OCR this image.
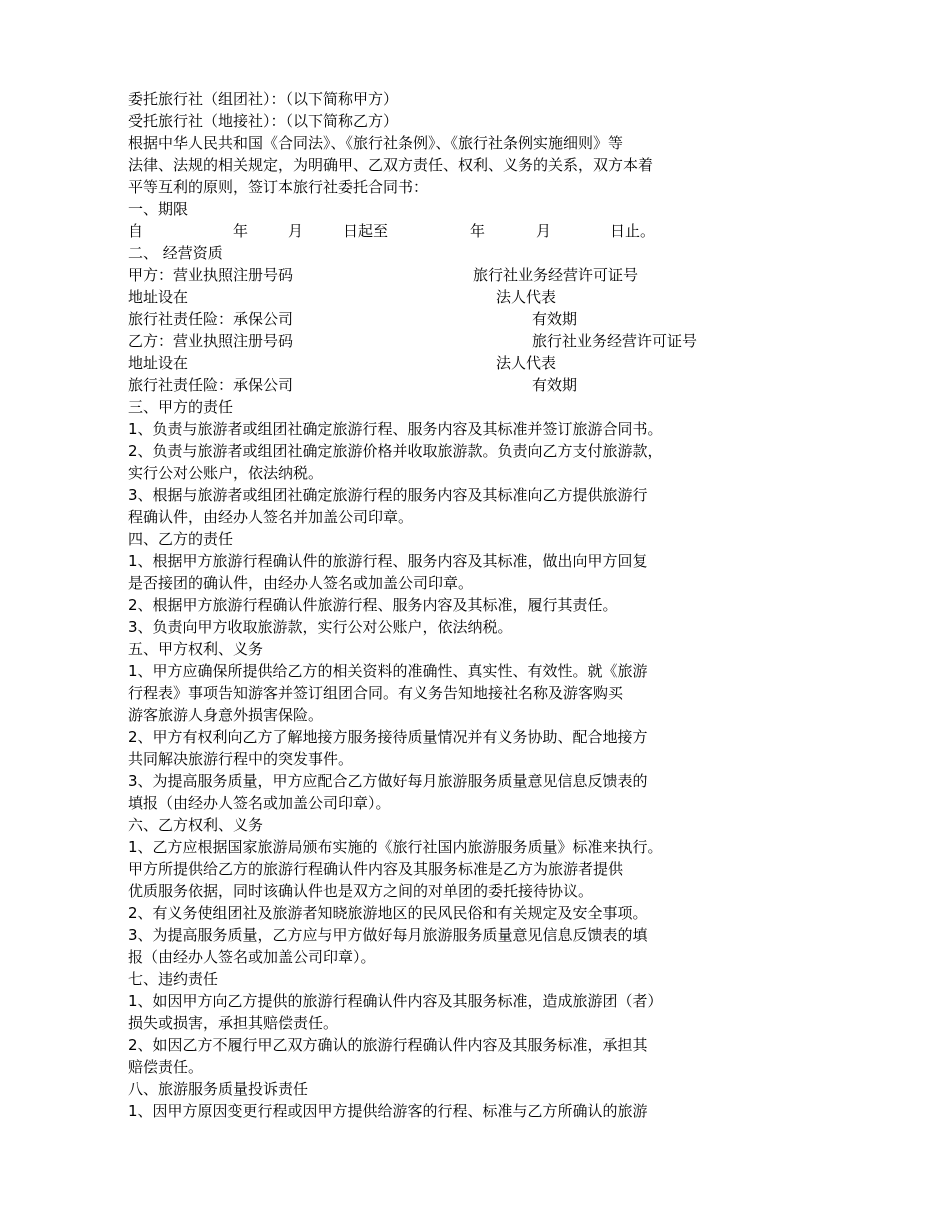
委托旅行社（组团社）：（以下简称甲方）
受托旅行社（地接社）：（以下简称乙方）
根据中华人民共和国《合同法》、《旅行社条例》、《旅行社条例实施细则》等
法律、法规的相关规定，为明确甲、乙双方责任、权利、义务的关系，双方本着
平等互利的原则，签订本旅行社委托合同书：
一、期限
自	年	月	日起至	年	月	日止。
二、 经营资质
甲方：营业执照注册号码	旅行社业务经营许可证号
地址设在	法人代表
旅行社责任险：承保公司	有效期
乙方：营业执照注册号码	旅行社业务经营许可证号
地址设在	法人代表
旅行社责任险：承保公司	有效期
三、甲方的责任
1、负责与旅游者或组团社确定旅游行程、服务内容及其标准并签订旅游合同书。
2、负责与旅游者或组团社确定旅游价格并收取旅游款。负责向乙方支付旅游款，
实行公对公账户，依法纳税。
3、根据与旅游者或组团社确定旅游行程的服务内容及其标准向乙方提供旅游行
程确认件，由经办人签名并加盖公司印章。
四、乙方的责任
1、根据甲方旅游行程确认件的旅游行程、服务内容及其标准，做出向甲方回复
是否接团的确认件，由经办人签名或加盖公司印章。
2、根据甲方旅游行程确认件旅游行程、服务内容及其标准，履行其责任。
3、负责向甲方收取旅游款，实行公对公账户，依法纳税。
五、甲方权利、义务
1、甲方应确保所提供给乙方的相关资料的准确性、真实性、有效性。就《旅游
行程表》事项告知游客并签订组团合同。有义务告知地接社名称及游客购买
游客旅游人身意外损害保险。
2、甲方有权利向乙方了解地接方服务接待质量情况并有义务协助、配合地接方
共同解决旅游行程中的突发事件。
3、为提高服务质量，甲方应配合乙方做好每月旅游服务质量意见信息反馈表的
填报（由经办人签名或加盖公司印章）。
六、乙方权利、义务
1、乙方应根据国家旅游局颁布实施的《旅行社国内旅游服务质量》标准来执行。
甲方所提供给乙方的旅游行程确认件内容及其服务标准是乙方为旅游者提供
优质服务依据，同时该确认件也是双方之间的对单团的委托接待协议。
2、有义务使组团社及旅游者知晓旅游地区的民风民俗和有关规定及安全事项。
3、为提高服务质量，乙方应与甲方做好每月旅游服务质量意见信息反馈表的填
报（由经办人签名或加盖公司印章）。
七、违约责任
1、如因甲方向乙方提供的旅游行程确认件内容及其服务标准，造成旅游团（者）
损失或损害，承担其赔偿责任。
2、如因乙方不履行甲乙双方确认的旅游行程确认件内容及其服务标准，承担其
赔偿责任。
八、旅游服务质量投诉责任
1、因甲方原因变更行程或因甲方提供给游客的行程、标准与乙方所确认的旅游
